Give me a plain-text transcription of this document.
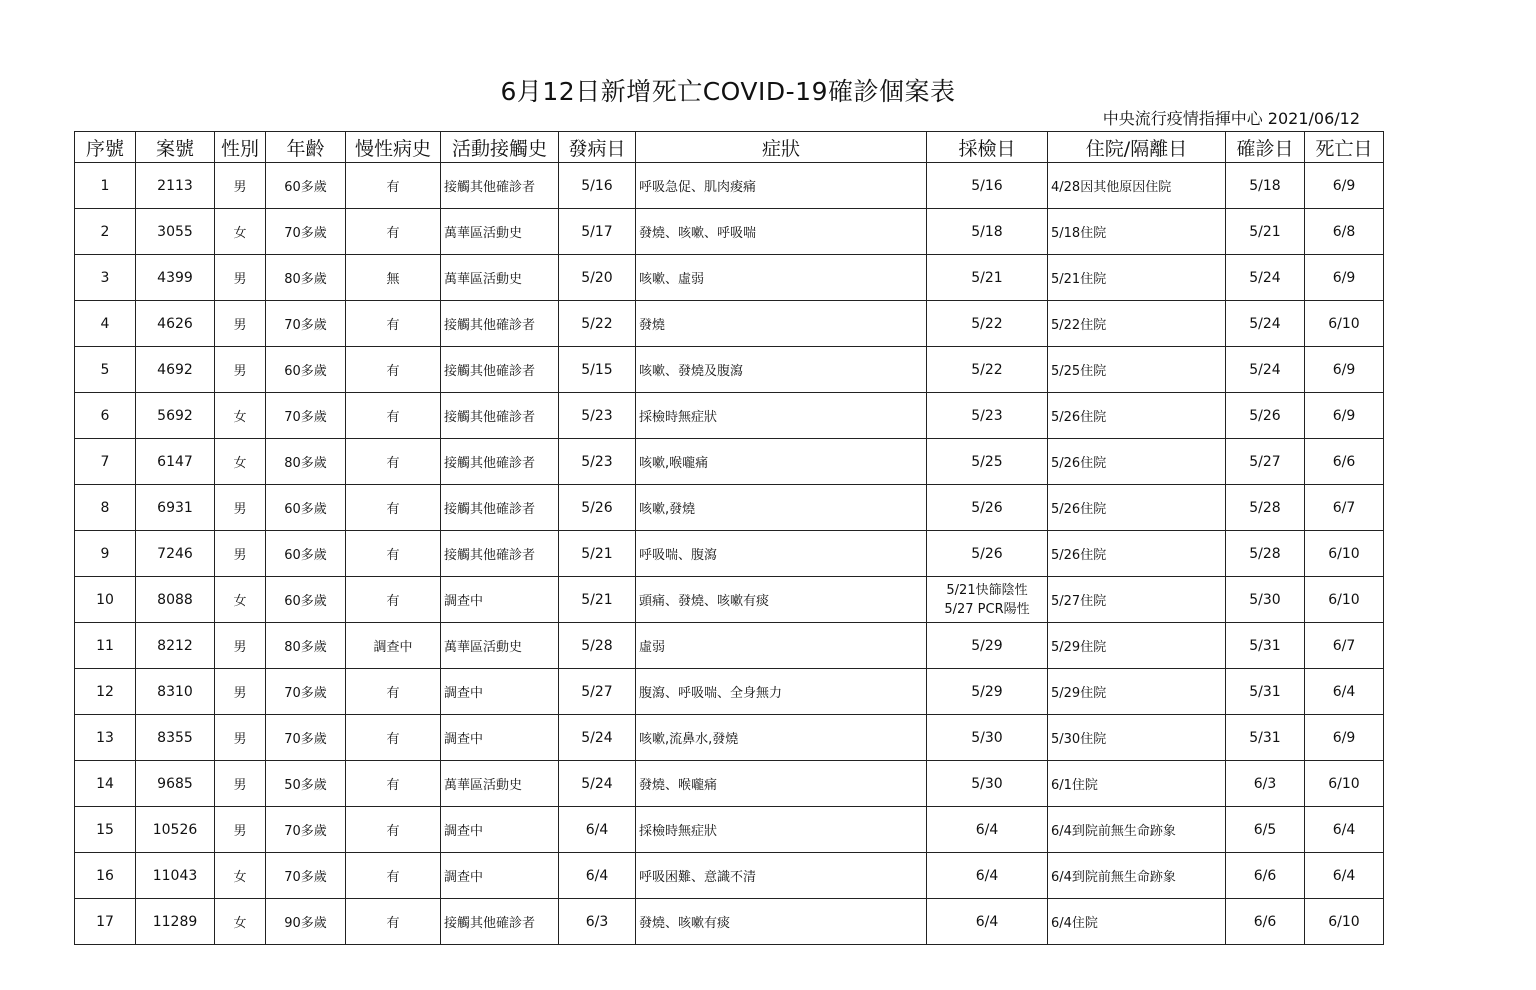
6月12日新增死亡COVID-19確診個案表
中央流行疫情指揮中心 2021/06/12
序號	案號	性別	年齡	慢性病史	活動接觸史	發病日	症狀	採檢日	住院/隔離日	確診日	死亡日
1	2113	男	60多歲	有	接觸其他確診者	5/16	呼吸急促、肌肉痠痛	5/16	4/28因其他原因住院	5/18	6/9
2	3055	女	70多歲	有	萬華區活動史	5/17	發燒、咳嗽、呼吸喘	5/18	5/18住院	5/21	6/8
3	4399	男	80多歲	無	萬華區活動史	5/20	咳嗽、虛弱	5/21	5/21住院	5/24	6/9
4	4626	男	70多歲	有	接觸其他確診者	5/22	發燒	5/22	5/22住院	5/24	6/10
5	4692	男	60多歲	有	接觸其他確診者	5/15	咳嗽、發燒及腹瀉	5/22	5/25住院	5/24	6/9
6	5692	女	70多歲	有	接觸其他確診者	5/23	採檢時無症狀	5/23	5/26住院	5/26	6/9
7	6147	女	80多歲	有	接觸其他確診者	5/23	咳嗽,喉嚨痛	5/25	5/26住院	5/27	6/6
8	6931	男	60多歲	有	接觸其他確診者	5/26	咳嗽,發燒	5/26	5/26住院	5/28	6/7
9	7246	男	60多歲	有	接觸其他確診者	5/21	呼吸喘、腹瀉	5/26	5/26住院	5/28	6/10
10	8088	女	60多歲	有	調查中	5/21	頭痛、發燒、咳嗽有痰	5/21快篩陰性
5/27 PCR陽性	5/27住院	5/30	6/10
11	8212	男	80多歲	調查中	萬華區活動史	5/28	虛弱	5/29	5/29住院	5/31	6/7
12	8310	男	70多歲	有	調查中	5/27	腹瀉、呼吸喘、全身無力	5/29	5/29住院	5/31	6/4
13	8355	男	70多歲	有	調查中	5/24	咳嗽,流鼻水,發燒	5/30	5/30住院	5/31	6/9
14	9685	男	50多歲	有	萬華區活動史	5/24	發燒、喉嚨痛	5/30	6/1住院	6/3	6/10
15	10526	男	70多歲	有	調查中	6/4	採檢時無症狀	6/4	6/4到院前無生命跡象	6/5	6/4
16	11043	女	70多歲	有	調查中	6/4	呼吸困難、意識不清	6/4	6/4到院前無生命跡象	6/6	6/4
17	11289	女	90多歲	有	接觸其他確診者	6/3	發燒、咳嗽有痰	6/4	6/4住院	6/6	6/10
